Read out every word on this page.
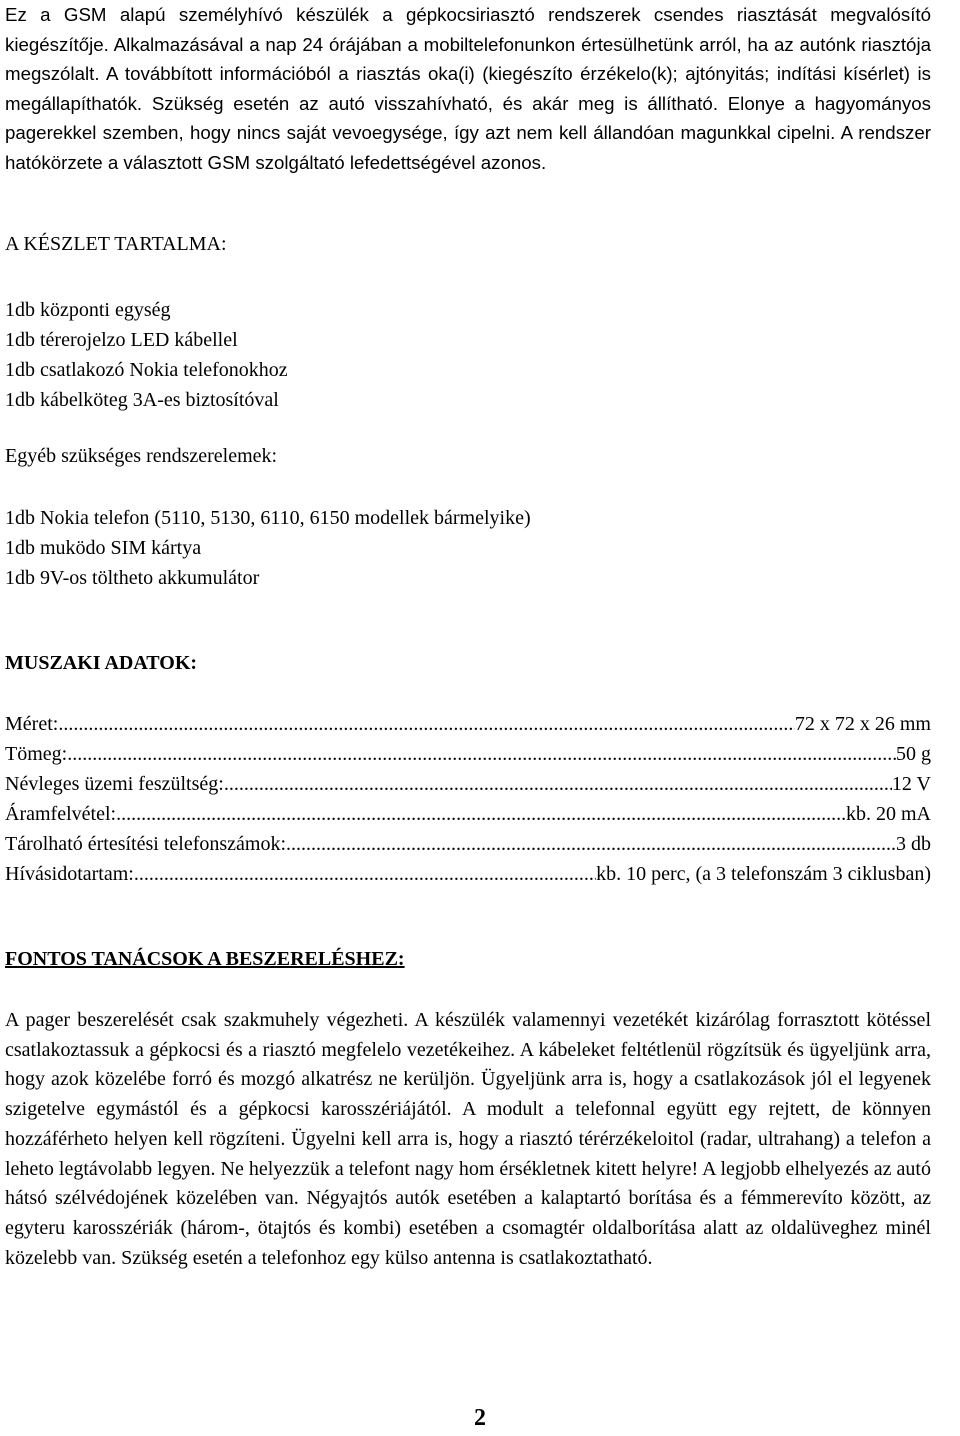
Ez a GSM alapú személyhívó készülék a gépkocsiriasztó rendszerek csendes riasztását megvalósító kiegészítője. Alkalmazásával a nap 24 órájában a mobiltelefonunkon értesülhetünk arról, ha az autónk riasztója megszólalt. A továbbított információból a riasztás oka(i) (kiegészíto érzékelo(k); ajtónyitás; indítási kísérlet) is megállapíthatók. Szükség esetén az autó visszahívható, és akár meg is állítható. Elonye a hagyományos pagerekkel szemben, hogy nincs saját vevoegysége, így azt nem kell állandóan magunkkal cipelni. A rendszer hatókörzete a választott GSM szolgáltató lefedettségével azonos.

A KÉSZLET TARTALMA:
1db központi egység
1db térerojelzo LED kábellel
1db csatlakozó Nokia telefonokhoz
1db kábelköteg 3A-es biztosítóval

Egyéb szükséges rendszerelemek:

1db Nokia telefon (5110, 5130, 6110, 6150 modellek bármelyike)
1db muködo SIM kártya
1db 9V-os töltheto akkumulátor
MUSZAKI ADATOK:
Méret: .....	72 x 72 x 26 mm
Tömeg: .....	50 g
Névleges üzemi feszültség: .....	12 V
Áramfelvétel: .....	kb. 20 mA
Tárolható értesítési telefonszámok: .....	3 db
Hívásidotartam: .....	kb. 10 perc, (a 3 telefonszám 3 ciklusban)
FONTOS TANÁCSOK A BESZERELÉSHEZ:

A pager beszerelését csak szakmuhely végezheti. A készülék valamennyi vezetékét kizárólag forrasztott kötéssel csatlakoztassuk a gépkocsi és a riasztó megfelelo vezetékeihez. A kábeleket feltétlenül rögzítsük és ügyeljünk arra, hogy azok közelébe forró és mozgó alkatrész ne kerüljön. Ügyeljünk arra is, hogy a csatlakozások jól el legyenek szigetelve egymástól és a gépkocsi karosszériájától. A modult a telefonnal együtt egy rejtett, de könnyen hozzáférheto helyen kell rögzíteni. Ügyelni kell arra is, hogy a riasztó térérzékeloitol (radar, ultrahang) a telefon a leheto legtávolabb legyen. Ne helyezzük a telefont nagy hom érsékletnek kitett helyre! A legjobb elhelyezés az autó hátsó szélvédojének közelében van. Négyajtós autók esetében a kalaptartó borítása és a fémmerevíto között, az egyteru karosszériák (három-, ötajtós és kombi) esetében a csomagtér oldalborítása alatt az oldalüveghez minél közelebb van. Szükség esetén a telefonhoz egy külso antenna is csatlakoztatható.

2
